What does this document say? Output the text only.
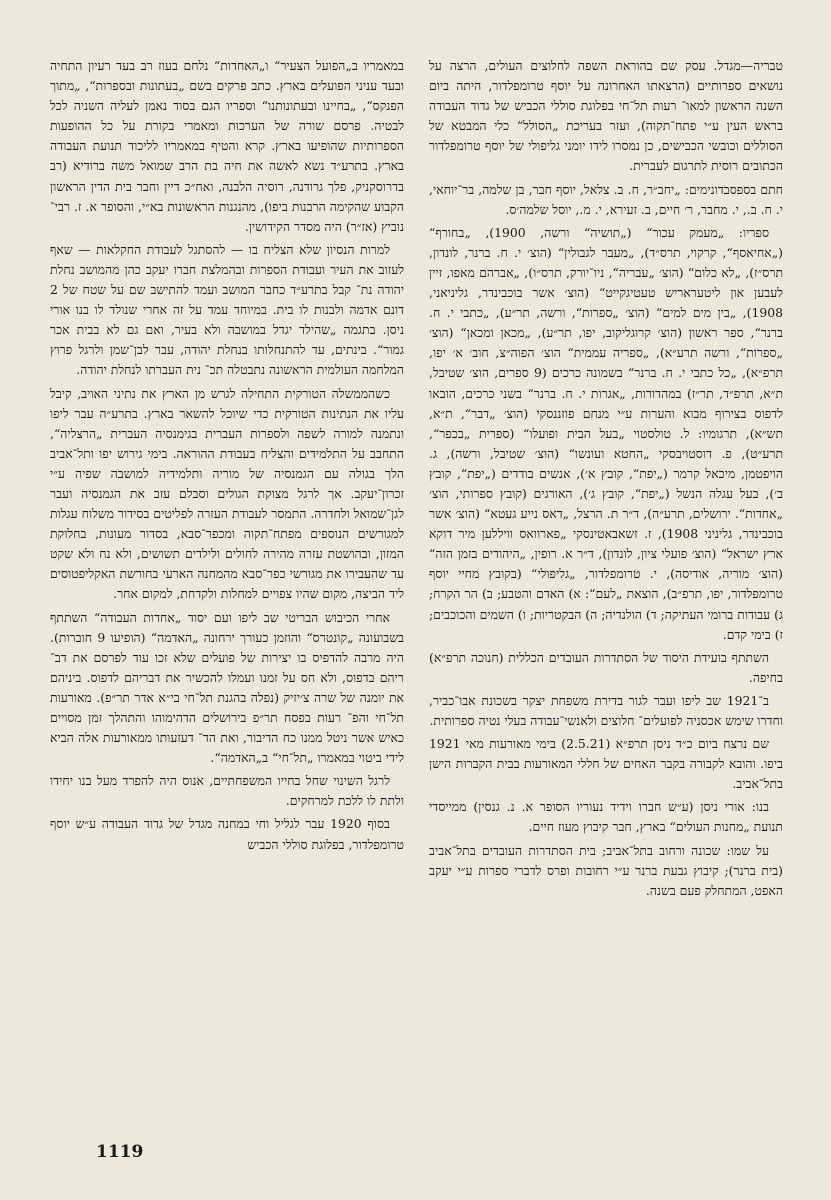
במאמריו ב„הפועל הצעיר“ ו„האחדות“ נלחם בעוז רב בעד רעיון התחיה ובעד עניני הפועלים בארץ. כתב פרקים בשם „בעתונות ובספרות“, „מתוך הפנקס“, „בחיינו ובעתונותנו“ וספריו הגם בסוד נאמן לעליה השניה לכל לבטיה. פרסם שורה של הערכות ומאמרי בקורת על כל ההופעות הספרותיות שהופיעו בארץ. קרא והטיף במאמריו לליכוד תנועת העבודה בארץ. בתרע״ד נשא לאשה את חיה בת הרב שמואל משה ברודיא (רב בדרוסקניק, פלך גרודנה, רוסיה הלבנה, ואח״כ דיין וחבר בית הדין הראשון הקבוע שהקימה הרבנות ביפו), מהנגנות הראשונות בא״י, והסופר א. ז. רבי־ נוביץ (אז״ר) היה מסדר הקידושין.

למרות הנסיון שלא הצליח בו — להסתגל לעבודת החקלאות — שאף לעזוב את העיר ועבודת הספרות ובהמלצת חברו יעקב כהן מהמושב נחלת יהודה נת־ קבל בתרע״ד כחבר המושב ועמד להתישב שם על שטח של 2 דונם אדמה ולבנות לו בית. במיוחד עמד על זה אחרי שנולד לו בנו אורי ניסן. בתגמה „שהילד יגדל במושבה ולא בעיר, ואם גם לא בבית אכר גמור“. בינתים, עד להתנחלותו בנחלת יהודה, עבר לבן־שמן ולרגל פרוץ המלחמה העולמית הראשונה נתבטלה תכ־ נית העברתו לנחלת יהודה.

כשהממשלה הטורקית התחילה לגרש מן הארץ את נתיני האויב, קיבל עליו את הנתינות הטורקית כדי שיוכל להשאר בארץ. בתרע״ה עבר ליפו ונתמנה למורה לשפה ולספרות העברית בגימנסיה העברית „הרצליה“, התחבב על התלמידים והצליח בעבודת ההוראה. בימי גירוש יפו ותל־אביב הלך בגולה עם הגמנסיה של מוריה ותלמידיה למושבה שפיה ע״י זכרון־יעקב. אך לרגל מצוקת הגולים וסבלם עזב את הגמנסיה ועבר לגן־שמואל ולחדרה. התמסר לעבודת העזרה לפליטים בסידור משלוח עגלות למגורשים הנוספים מפתח־תקוה ומכפר־סבא, בסדור מעונות, בחלוקת המזון, ובהושטת עזרה מהירה לחולים ולילדים תשושים, ולא נח ולא שקט עד שהעבירו את מגורשי כפר־סבא מהמחנה הארעי בחורשת האקליפטוסים ליד הביצה, מקום שהיו צפויים למחלות ולקדחת, למקום אחר.

אחרי הכיבוש הבריטי שב ליפו ועם יסוד „אחדות העבודה“ השתתף בשבועונה „קונטרס“ והוזמן כעורך ירחונה „האדמה“ (הופיעו 9 חוברות). היה מרבה להדפיס בו יצירות של פועלים שלא זכו עוד לפרסם את דב־ ריהם בדפוס, ולא חס על זמנו ועמלו להכשיר את דבריהם לדפוס. ביניהם את יומנה של שרה צ׳יזיק (נפלה בהגנת תל־חי בי״א אדר תר״פ). מאורעות תל־חי והפ־ רעות בפסח תר״פ בירושלים הדהימוהו והתהלך זמן מסויים כאיש אשר ניטל ממנו כח הדיבור, ואת הד־ דעזעותו ממאורעות אלה הביא לידי ביטוי במאמרו „תל־חי“ ב„האדמה“.

לרגל השינוי שחל בחייו המשפחתיים, אנוס היה להפרד מעל בנו יחידו ולתת לו ללכת למרחקים.

בסוף 1920 עבר לגליל וחי במחנה מגדל של גדוד העבודה ע״ש יוסף טרומפלדור, בפלוגת סוללי הכביש

טבריה—מגדל. עסק שם בהוראת השפה לחלוצים העולים, הרצה על נושאים ספרותיים (הרצאתו האחרונה על יוסף טרומפלדור, היתה ביום השנה הראשון למאו־ רעות תל־חי בפלוגת סוללי הכביש של גדוד העבודה בראש העין ע״י פתח־תקוה), ועזר בעריכת „הסולל“ כלי המבטא של הסוללים וכובשי הכבישים, כן נמסרו לידו יומני גליפולי של יוסף טרומפלדור הכתובים רוסית לתרגום לעברית.

חתם בספסבדונימים: „יחב״ר, ח. ב. צלאל, יוסף חבר, בן שלמה, בר־יוחאי, י. ח. ב., י. מחבר, ר׳ חיים, ב. זעירא, י. מ., יוסל שלמה׳ס.

ספריו: „מעמק עכור“ („תושיה“ ורשה, 1900), „בחורף“ („אחיאסף“, קרקוי, תרס״ד), „מעבר לגבולין“ (הוצ׳ י. ח. ברנר, לונדון, תרס״ז), „לא כלום“ (הוצ׳ „עבריה“, ניו־יורק, תרס״ו), „אברהם מאפו, זיין לעבען און ליטעראריש טעטיגקייט“ (הוצ׳ אשר בוכבינדר, גליניאני, 1908), „בין מים למים“ (הוצ׳ „ספרות“, ורשה, תר״ע), „כתבי י. ח. ברנר“, ספר ראשון (הוצ׳ קרוגליקוב, יפו, תר״ע), „מכאן ומכאן“ (הוצ׳ „ספרות“, ורשה תרע״א), „ספריה עממית“ הוצ׳ הפוה״צ, חוב׳ א׳ יפו, תרפ״א), „כל כתבי י. ח. ברנר“ בשמונה כרכים (9 ספרים, הוצ׳ שטיבל, ת״א, תרפ״ד, תר״ז) במהדורות, „אגרות י. ח. ברנר“ בשני כרכים, הובאו לדפוס בצירוף מבוא והערות ע״י מנחם פוזננסקי (הוצ׳ „דבר“, ת״א, תש״א), תרגומיו: ל. טולסטוי „בעל הבית ופועלו“ (ספרית „בכפר“, תרע״ט), פ. דוסטויבסקי „החטא ועונשו“ (הוצ׳ שטיבל, ורשה), ג. הויפטמן, מיכאל קרמר („יפת“, קובץ א׳), אנשים בודדים („יפת“, קובץ ב׳), בעל עגלה הנשל („יפת“, קובץ ג׳), האורגים (קובץ ספרותי, הוצ׳ „אחדות“. ירושלים, תרע״ה), ד״ר ת. הרצל, „דאס נייע געטא“ (הוצ׳ אשר בוכבינדר, גליניני 1908), ז. זשאבאטינסקי „פארוואס וויללען מיר דוקא ארץ ישראל“ (הוצ׳ פועלי ציון, לונדון), ד״ר א. רופין, „היהודים בזמן הזה“ (הוצ׳ מוריה, אודיסה), י. טרומפלדור, „גליפולי“ (בקובץ מחיי יוסף טרומפלדור, יפו, תרפ״ב), הוצאת „לעם“: א) האדם והטבע; ב) הר הקרח; ג) עבודות ברומי העתיקה; ד) הולנדיה; ה) הבקטריות; ו) השמים והכוכבים; ז) בימי קדם.

השתתף בועידת היסוד של הסתדרות העובדים הכללית (חנוכה תרפ״א) בחיפה.

ב־1921 שב ליפו ועבר לגור בדירת משפחת יצקר בשכונת אבו־כביר, וחדרו שימש אכסניה לפועלים־ חלוצים ולאנשי־עבודה בעלי נטיה ספרותית.

שם נרצח ביום כ״ד ניסן תרפ״א (2.5.21) בימי מאורעות מאי 1921 ביפו. והובא לקבורה בקבר האחים של חללי המאורעות בבית הקברות הישן בתל־אביב.

בנו: אורי ניסן (ע״ש חברו וידיד נעוריו הסופר א. נ. גנסין) ממייסדי תנועת „מחנות העולים“ בארץ, חבר קיבוץ מעוז חיים.

על שמו: שכונה ורחוב בתל־אביב; בית הסתדרות העובדים בתל־אביב (בית ברנר); קיבוץ גבעת ברנר ע״י רחובות ופרס לדברי ספרות ע״י יעקב האפט, המתחלק פעם בשנה.

1119
